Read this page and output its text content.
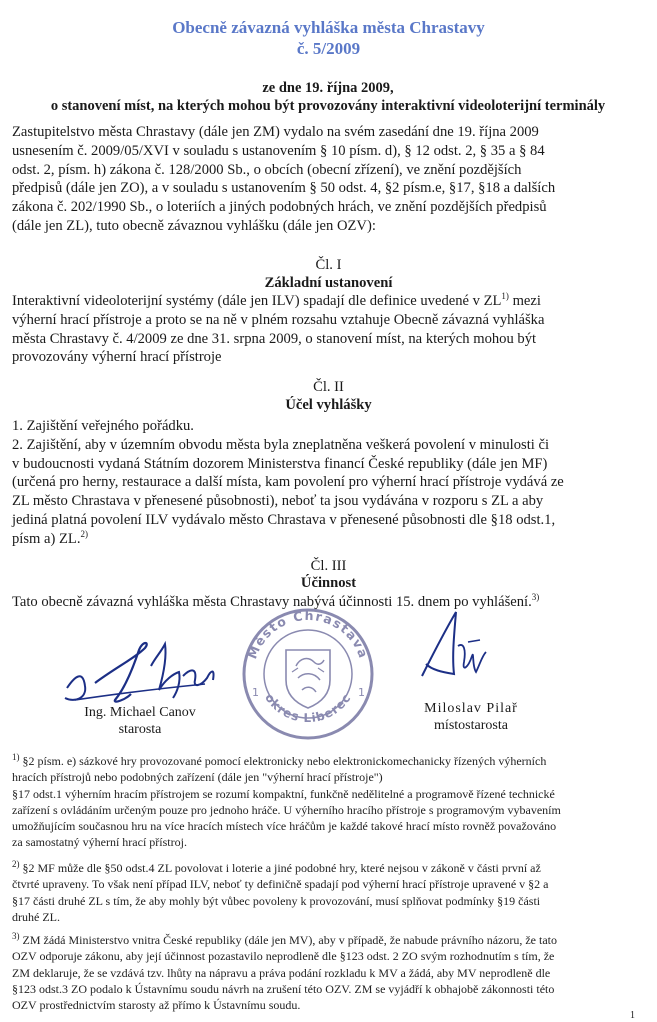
Obecně závazná vyhláška města Chrastavy
č. 5/2009
ze dne 19. října 2009,
o stanovení míst, na kterých mohou být provozovány interaktivní videoloterijní terminály

Zastupitelstvo města Chrastavy (dále jen ZM) vydalo na svém zasedání dne 19. října 2009

usnesením č. 2009/05/XVI v souladu s ustanovením § 10 písm. d), § 12 odst. 2, § 35 a § 84

odst. 2, písm. h) zákona č. 128/2000 Sb., o obcích (obecní zřízení), ve znění pozdějších

předpisů (dále jen ZO), a v souladu s ustanovením § 50 odst. 4, §2 písm.e, §17, §18 a dalších

zákona č. 202/1990 Sb., o loteriích a jiných podobných hrách, ve znění pozdějších předpisů

(dále jen ZL), tuto obecně závaznou vyhlášku (dále jen OZV):

Čl. I
Základní ustanovení

Interaktivní videoloterijní systémy (dále jen ILV) spadají dle definice uvedené v ZL$^{1)}$ mezi

výherní hrací přístroje a proto se na ně v plném rozsahu vztahuje Obecně závazná vyhláška

města Chrastavy č. 4/2009 ze dne 31. srpna 2009, o stanovení míst, na kterých mohou být

provozovány výherní hrací přístroje

Čl. II
Účel vyhlášky

1. Zajištění veřejného pořádku.

2. Zajištění, aby v územním obvodu města byla zneplatněna veškerá povolení v minulosti či

v budoucnosti vydaná Státním dozorem Ministerstva financí České republiky (dále jen MF)

(určená pro herny, restaurace a další místa, kam povolení pro výherní hrací přístroje vydává ze

ZL město Chrastava v přenesené působnosti), neboť ta jsou vydávána v rozporu s ZL a aby

jediná platná povolení ILV vydávalo město Chrastava v přenesené působnosti dle §18 odst.1,

písm a) ZL.$^{2)}$

Čl. III
Účinnost

Tato obecně závazná vyhláška města Chrastavy nabývá účinnosti 15. dnem po vyhlášení.$^{3)}$

Město Chrastava
okres Liberec
1	1
Ing. Michael Canov
starosta
Miloslav Pilař
místostarosta

$^{1)}$ §2 písm. e) sázkové hry provozované pomocí elektronicky nebo elektronickomechanicky řízených výherních

hracích přístrojů nebo podobných zařízení (dále jen "výherní hrací přístroje")

§17 odst.1 výherním hracím přístrojem se rozumí kompaktní, funkčně nedělitelné a programově řízené technické

zařízení s ovládáním určeným pouze pro jednoho hráče. U výherního hracího přístroje s programovým vybavením

umožňujícím současnou hru na více hracích místech více hráčům je každé takové hrací místo rovněž považováno

za samostatný výherní hrací přístroj.

$^{2)}$ §2 MF může dle §50 odst.4 ZL povolovat i loterie a jiné podobné hry, které nejsou v zákoně v části první až

čtvrté upraveny. To však není případ ILV, neboť ty definičně spadají pod výherní hrací přístroje upravené v §2 a

§17 části druhé ZL s tím, že aby mohly být vůbec povoleny k provozování, musí splňovat podmínky §19 části

druhé ZL.

$^{3)}$ ZM žádá Ministerstvo vnitra České republiky (dále jen MV), aby v případě, že nabude právního názoru, že tato

OZV odporuje zákonu, aby její účinnost pozastavilo neprodleně dle §123 odst. 2 ZO svým rozhodnutím s tím, že

ZM deklaruje, že se vzdává tzv. lhůty na nápravu a práva podání rozkladu k MV a žádá, aby MV neprodleně dle

§123 odst.3 ZO podalo k Ústavnímu soudu návrh na zrušení této OZV. ZM se vyjádří k obhajobě zákonnosti této

OZV prostřednictvím starosty až přímo k Ústavnímu soudu.

1
